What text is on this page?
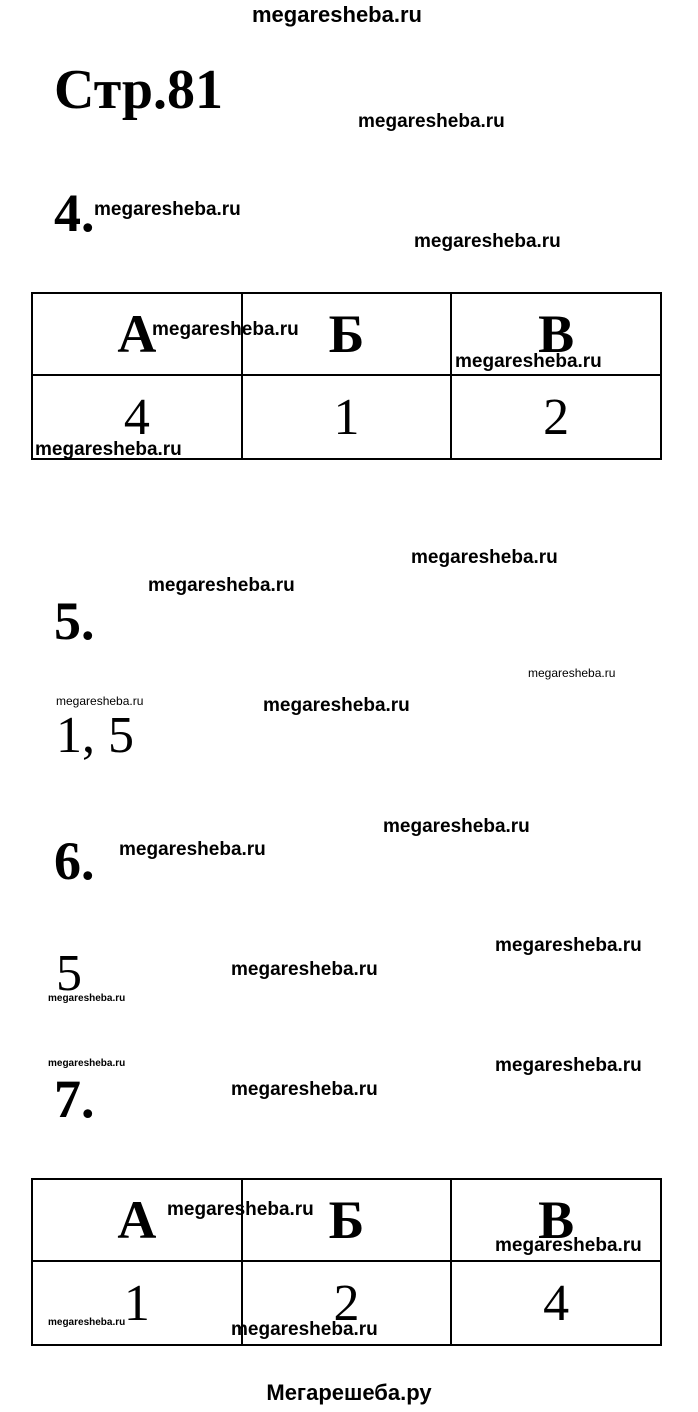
megaresheba.ru
Стр.81
megaresheba.ru
megaresheba.ru
4. megaresheba.ru
А	Б	В
4	1	2
megaresheba.ru
megaresheba.ru
megaresheba.ru
megaresheba.ru
megaresheba.ru
5.
megaresheba.ru
megaresheba.ru	megaresheba.ru
1, 5
megaresheba.ru
6. megaresheba.ru
megaresheba.ru
5	megaresheba.ru
megaresheba.ru
megaresheba.ru	megaresheba.ru
7.	megaresheba.ru
А	Б	В
1	2	4
megaresheba.ru
megaresheba.ru
megaresheba.ru	megaresheba.ru
Мегарешеба.ру
